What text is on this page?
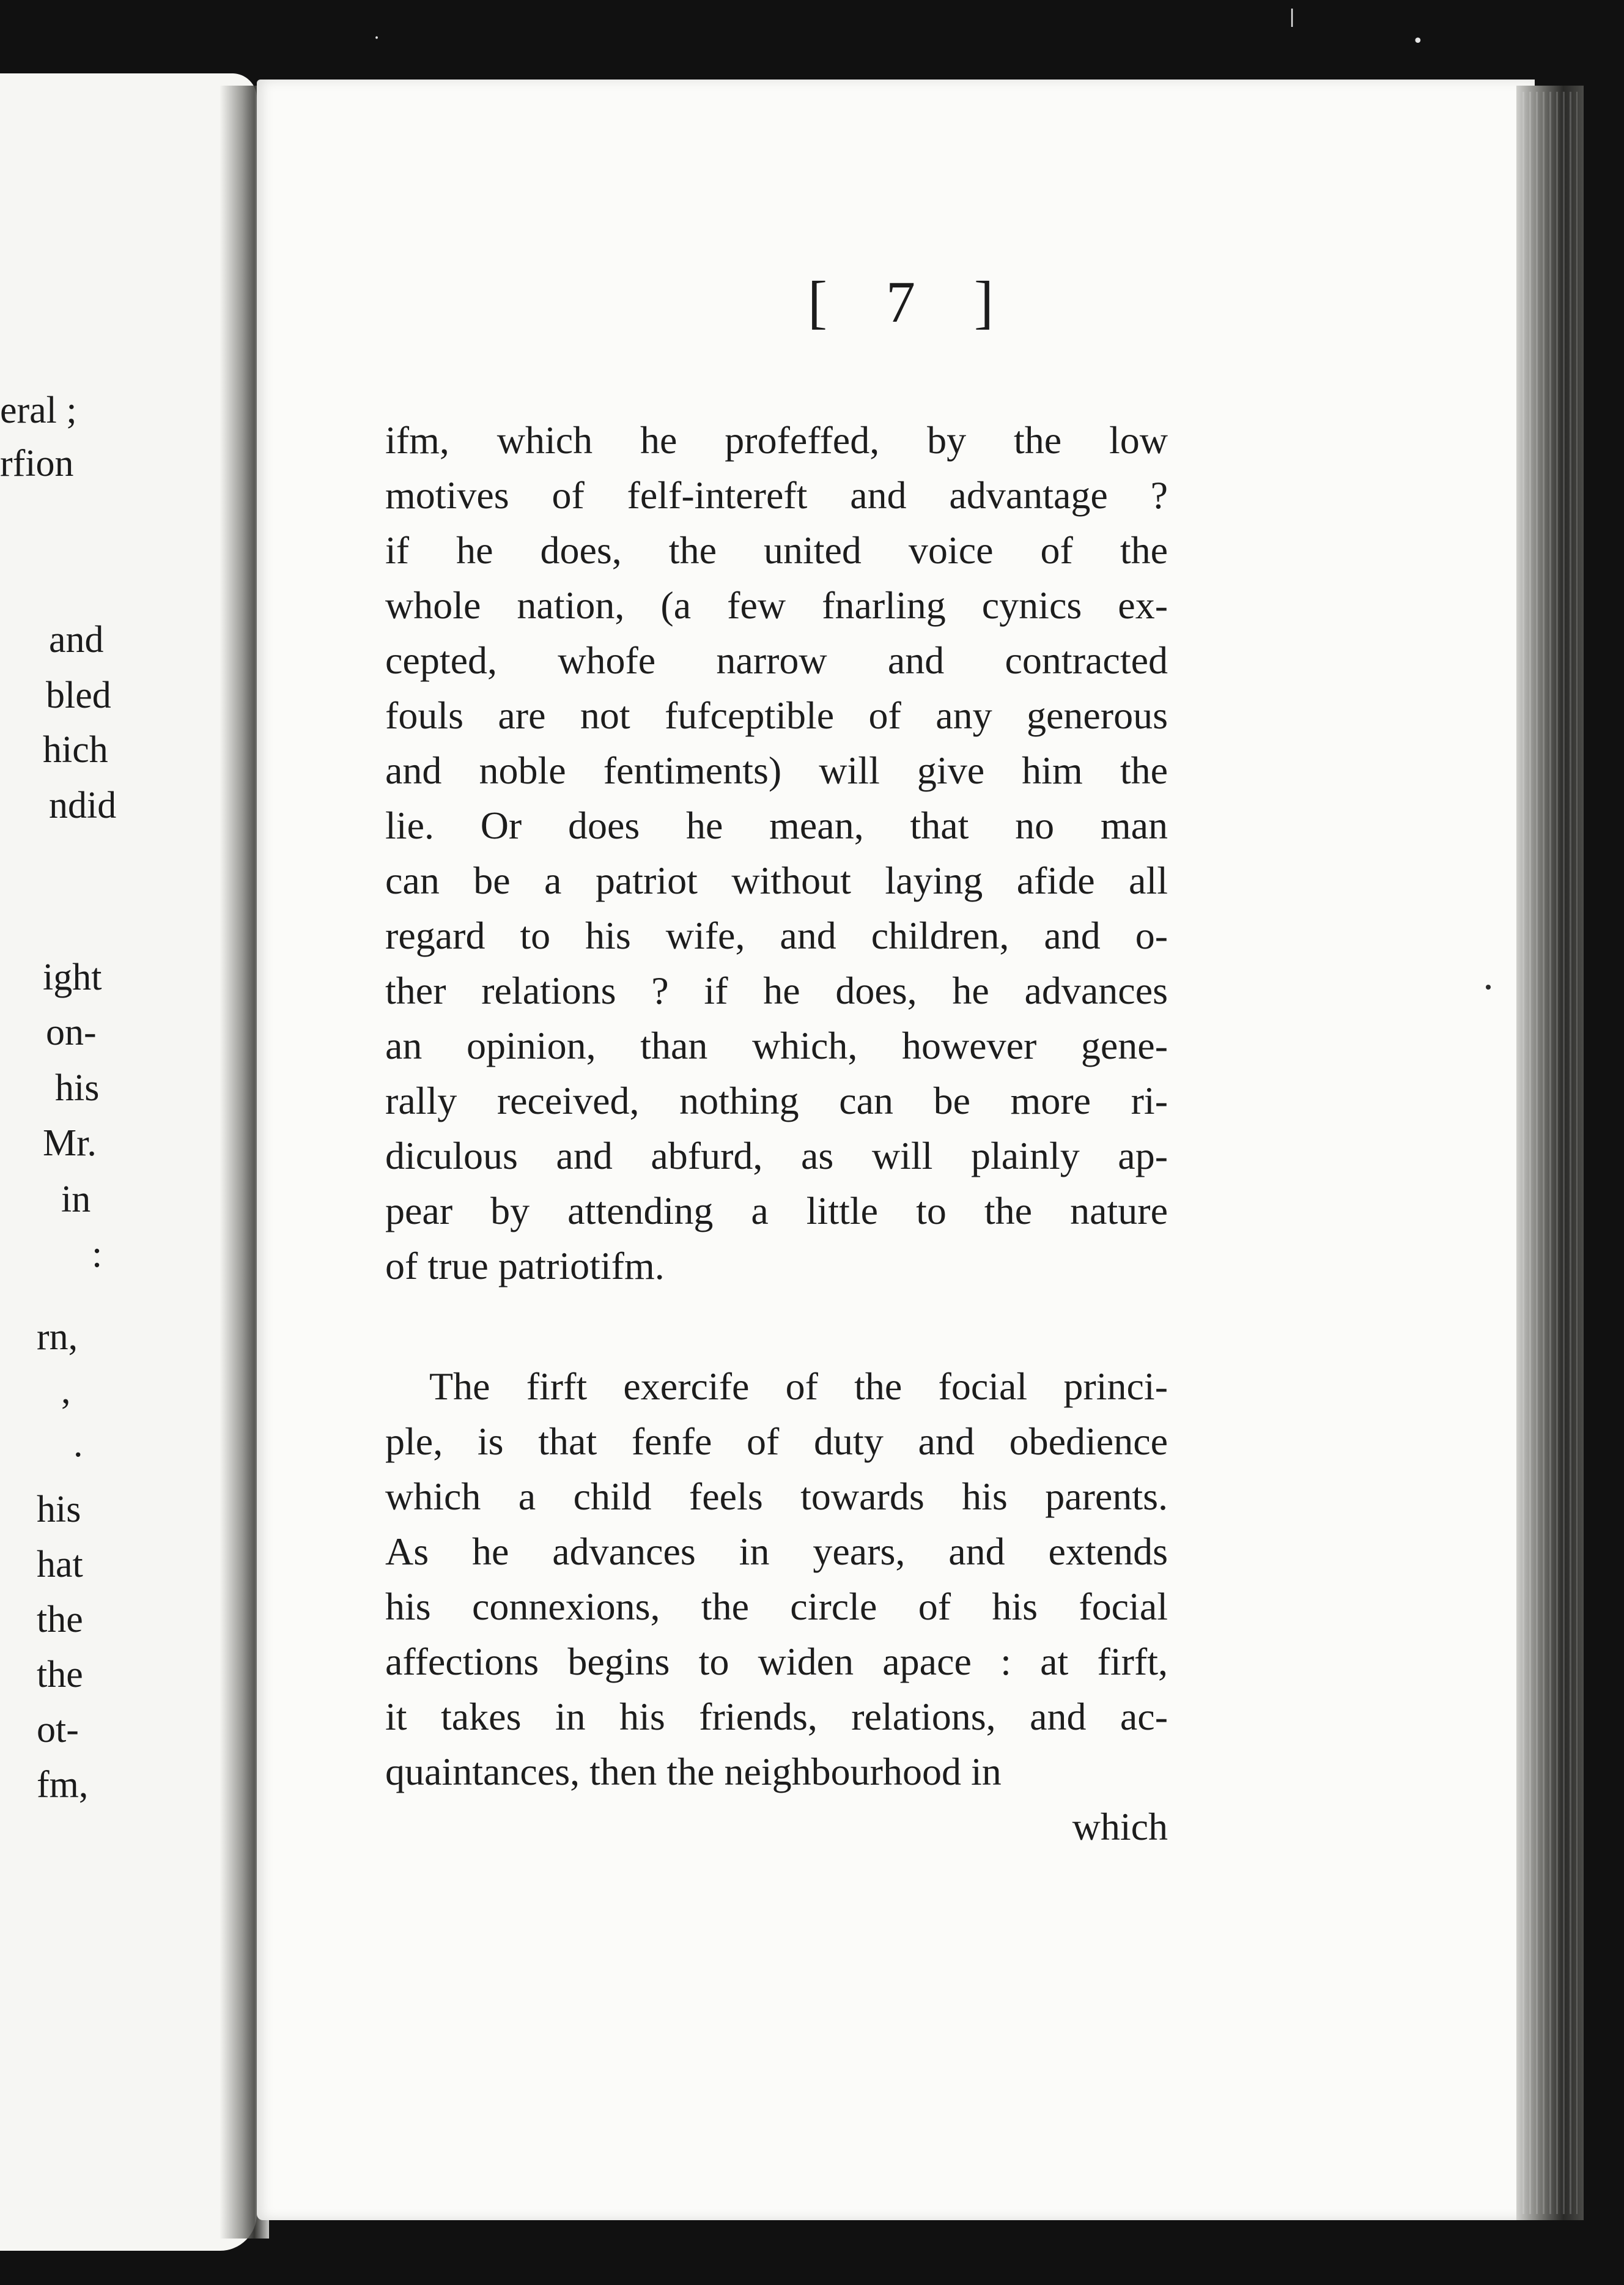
eral ;
rfion
and
bled
hich
ndid
ight
on-
his
Mr.
in
:
rn,
,
.
his
hat
the
the
ot-
fm,
[ 7 ]
ifm, which he profeffed, by the low
motives of felf-intereft and advantage ?
if he does, the united voice of the
whole nation, (a few fnarling cynics ex-
cepted, whofe narrow and contracted
fouls are not fufceptible of any generous
and noble fentiments) will give him the
lie. Or does he mean, that no man
can be a patriot without laying afide all
regard to his wife, and children, and o-
ther relations ? if he does, he advances
an opinion, than which, however gene-
rally received, nothing can be more ri-
diculous and abfurd, as will plainly ap-
pear by attending a little to the nature
of true patriotifm.
The firft exercife of the focial princi-
ple, is that fenfe of duty and obedience
which a child feels towards his parents.
As he advances in years, and extends
his connexions, the circle of his focial
affections begins to widen apace : at firft,
it takes in his friends, relations, and ac-
quaintances, then the neighbourhood in
which
⸱
|
•
